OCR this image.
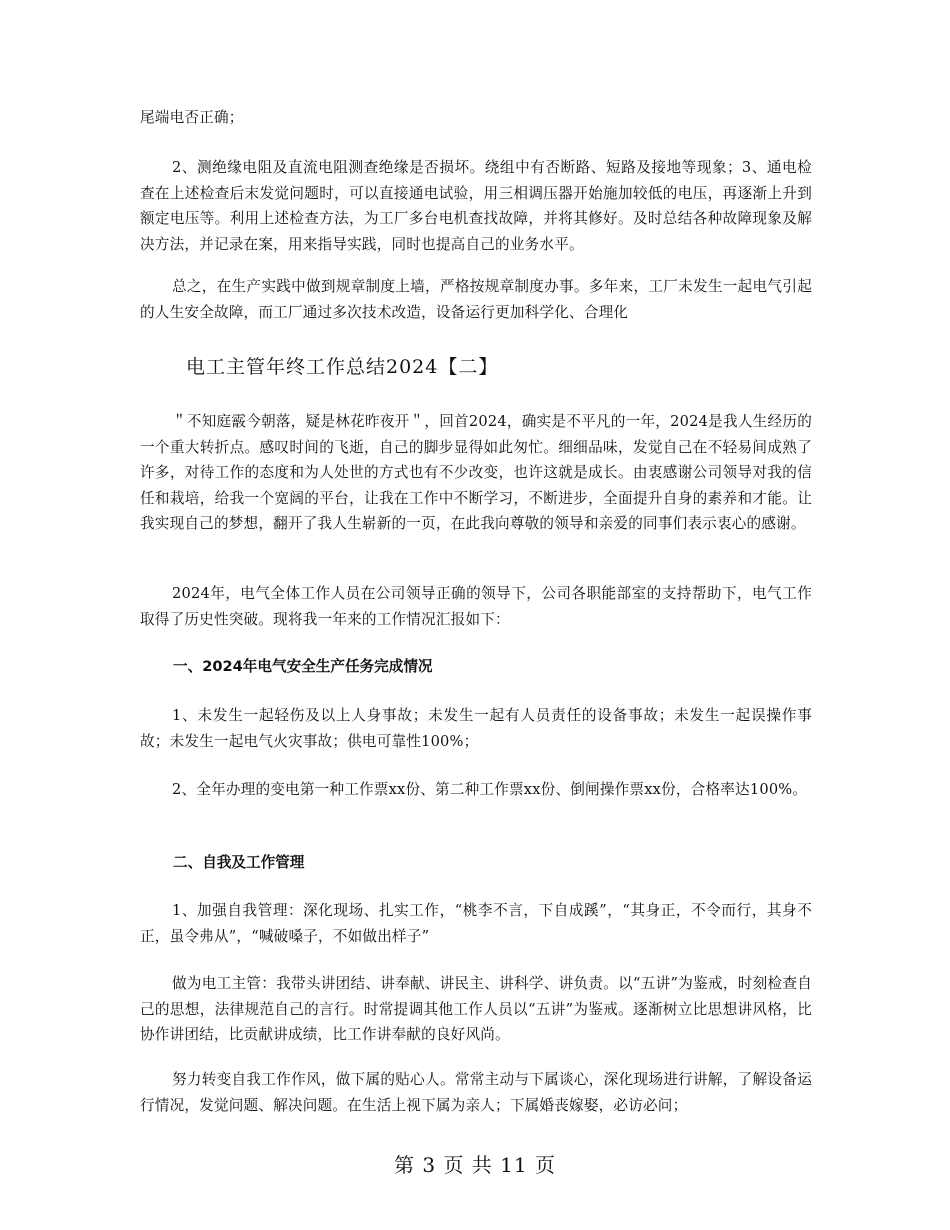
尾端电否正确；

2、测绝缘电阻及直流电阻测查绝缘是否损坏。绕组中有否断路、短路及接地等现象；3、通电检查在上述检查后末发觉问题时，可以直接通电试验，用三相调压器开始施加较低的电压，再逐渐上升到额定电压等。利用上述检查方法，为工厂多台电机查找故障，并将其修好。及时总结各种故障现象及解决方法，并记录在案，用来指导实践，同时也提高自己的业务水平。

总之，在生产实践中做到规章制度上墙，严格按规章制度办事。多年来，工厂未发生一起电气引起的人生安全故障，而工厂通过多次技术改造，设备运行更加科学化、合理化

电工主管年终工作总结2024【二】

＂不知庭霰今朝落，疑是林花昨夜开＂，回首2024，确实是不平凡的一年，2024是我人生经历的一个重大转折点。感叹时间的飞逝，自己的脚步显得如此匆忙。细细品味，发觉自己在不轻易间成熟了许多，对待工作的态度和为人处世的方式也有不少改变，也许这就是成长。由衷感谢公司领导对我的信任和栽培，给我一个宽阔的平台，让我在工作中不断学习，不断进步，全面提升自身的素养和才能。让我实现自己的梦想，翻开了我人生崭新的一页，在此我向尊敬的领导和亲爱的同事们表示衷心的感谢。

2024年，电气全体工作人员在公司领导正确的领导下，公司各职能部室的支持帮助下，电气工作取得了历史性突破。现将我一年来的工作情况汇报如下：

一、2024年电气安全生产任务完成情况

1、未发生一起轻伤及以上人身事故；未发生一起有人员责任的设备事故；未发生一起误操作事故；未发生一起电气火灾事故；供电可靠性100%；

2、全年办理的变电第一种工作票xx份、第二种工作票xx份、倒闸操作票xx份，合格率达100%。

二、自我及工作管理

1、加强自我管理：深化现场、扎实工作，“桃李不言，下自成蹊”，“其身正，不令而行，其身不正，虽令弗从”，“喊破嗓子，不如做出样子”

做为电工主管：我带头讲团结、讲奉献、讲民主、讲科学、讲负责。以“五讲”为鉴戒，时刻检查自己的思想，法律规范自己的言行。时常提调其他工作人员以“五讲”为鉴戒。逐渐树立比思想讲风格，比协作讲团结，比贡献讲成绩，比工作讲奉献的良好风尚。

努力转变自我工作作风，做下属的贴心人。常常主动与下属谈心，深化现场进行讲解，了解设备运行情况，发觉问题、解决问题。在生活上视下属为亲人；下属婚丧嫁娶，必访必问；

第 3 页 共 11 页
